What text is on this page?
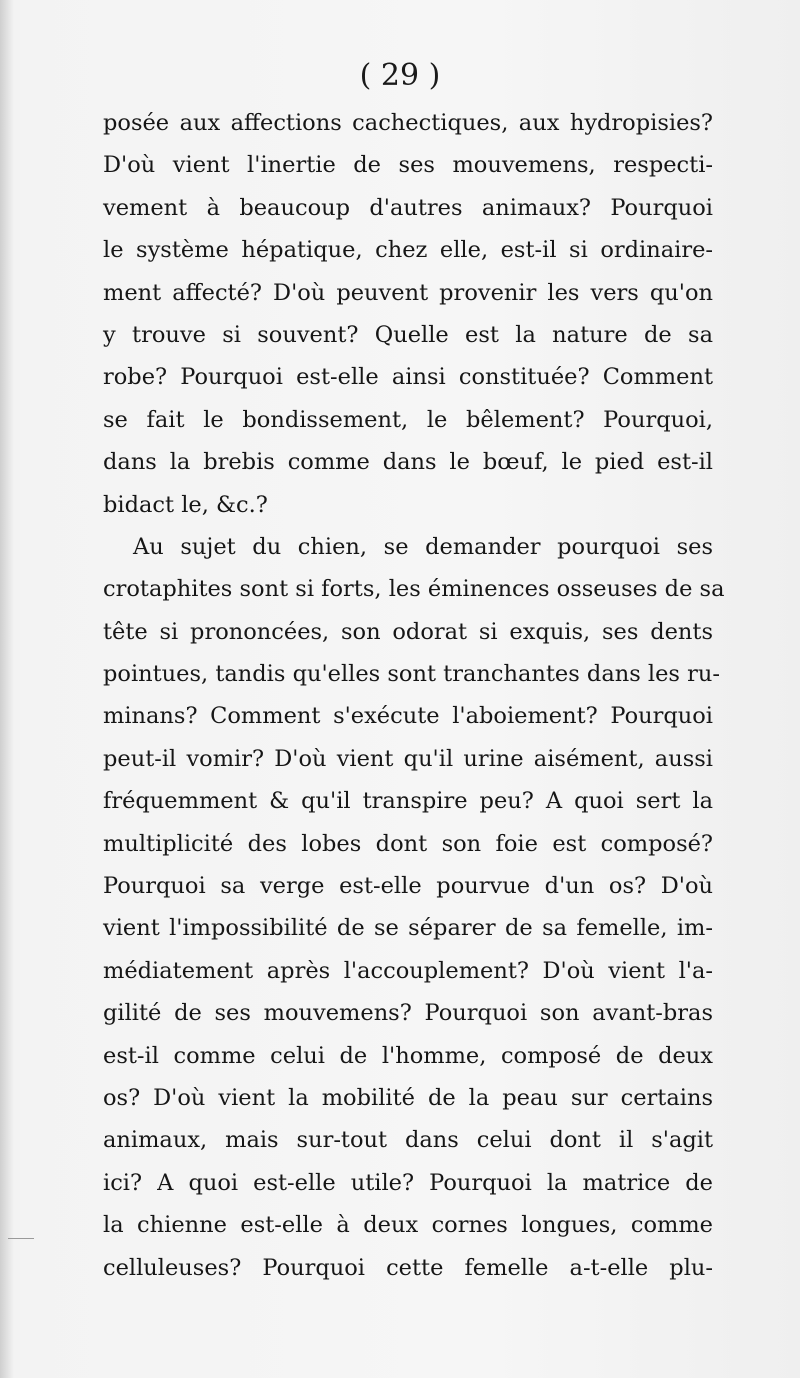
( 29 )
posée aux affections cachectiques, aux hydropisies?
D'où vient l'inertie de ses mouvemens, respecti-
vement à beaucoup d'autres animaux? Pourquoi
le système hépatique, chez elle, est-il si ordinaire-
ment affecté? D'où peuvent provenir les vers qu'on
y trouve si souvent? Quelle est la nature de sa
robe? Pourquoi est-elle ainsi constituée? Comment
se fait le bondissement, le bêlement? Pourquoi,
dans la brebis comme dans le bœuf, le pied est-il
bidact le, &c.?
Au sujet du chien, se demander pourquoi ses
crotaphites sont si forts, les éminences osseuses de sa
tête si prononcées, son odorat si exquis, ses dents
pointues, tandis qu'elles sont tranchantes dans les ru-
minans? Comment s'exécute l'aboiement? Pourquoi
peut-il vomir? D'où vient qu'il urine aisément, aussi
fréquemment & qu'il transpire peu? A quoi sert la
multiplicité des lobes dont son foie est composé?
Pourquoi sa verge est-elle pourvue d'un os? D'où
vient l'impossibilité de se séparer de sa femelle, im-
médiatement après l'accouplement? D'où vient l'a-
gilité de ses mouvemens? Pourquoi son avant-bras
est-il comme celui de l'homme, composé de deux
os? D'où vient la mobilité de la peau sur certains
animaux, mais sur-tout dans celui dont il s'agit
ici? A quoi est-elle utile? Pourquoi la matrice de
la chienne est-elle à deux cornes longues, comme
celluleuses? Pourquoi cette femelle a-t-elle plu-
